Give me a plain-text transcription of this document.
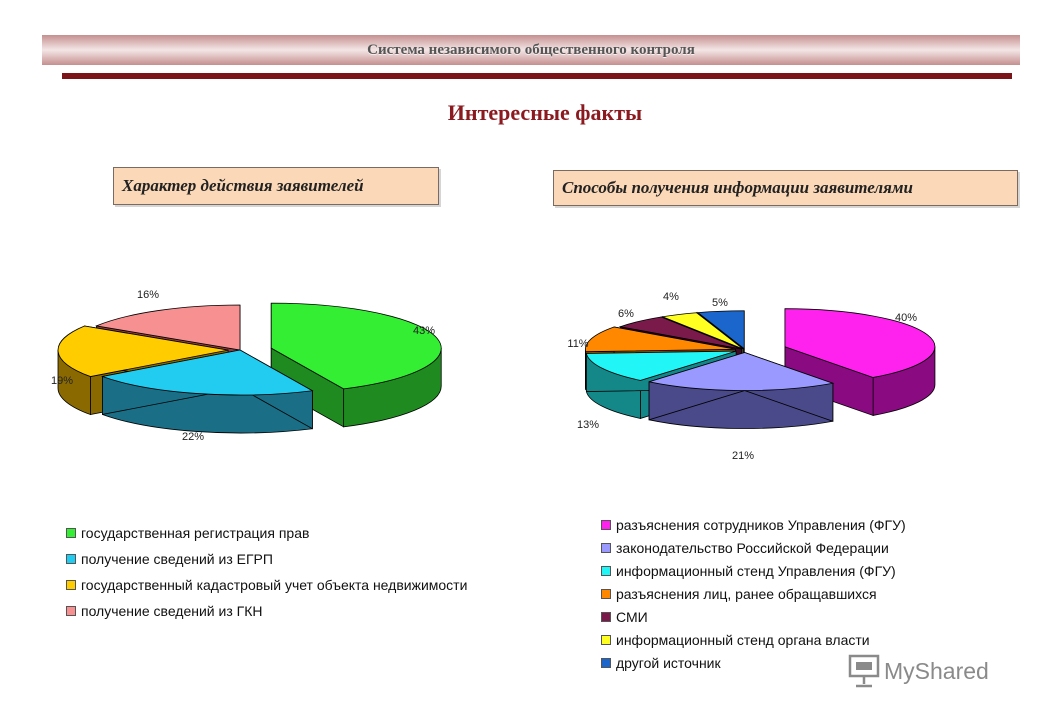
Система независимого общественного контроля
Интересные факты
Характер действия заявителей	Способы получения информации заявителями
43%
22%
19%
16%
40%
21%
13%
11%
6%
4%	5%
государственная регистрация прав
получение сведений из ЕГРП
государственный кадастровый учет объекта недвижимости
получение сведений из ГКН
разъяснения сотрудников Управления (ФГУ)
законодательство Российской Федерации
информационный стенд Управления (ФГУ)
разъяснения лиц, ранее обращавшихся
СМИ
информационный стенд органа власти
другой источник	MyShared
